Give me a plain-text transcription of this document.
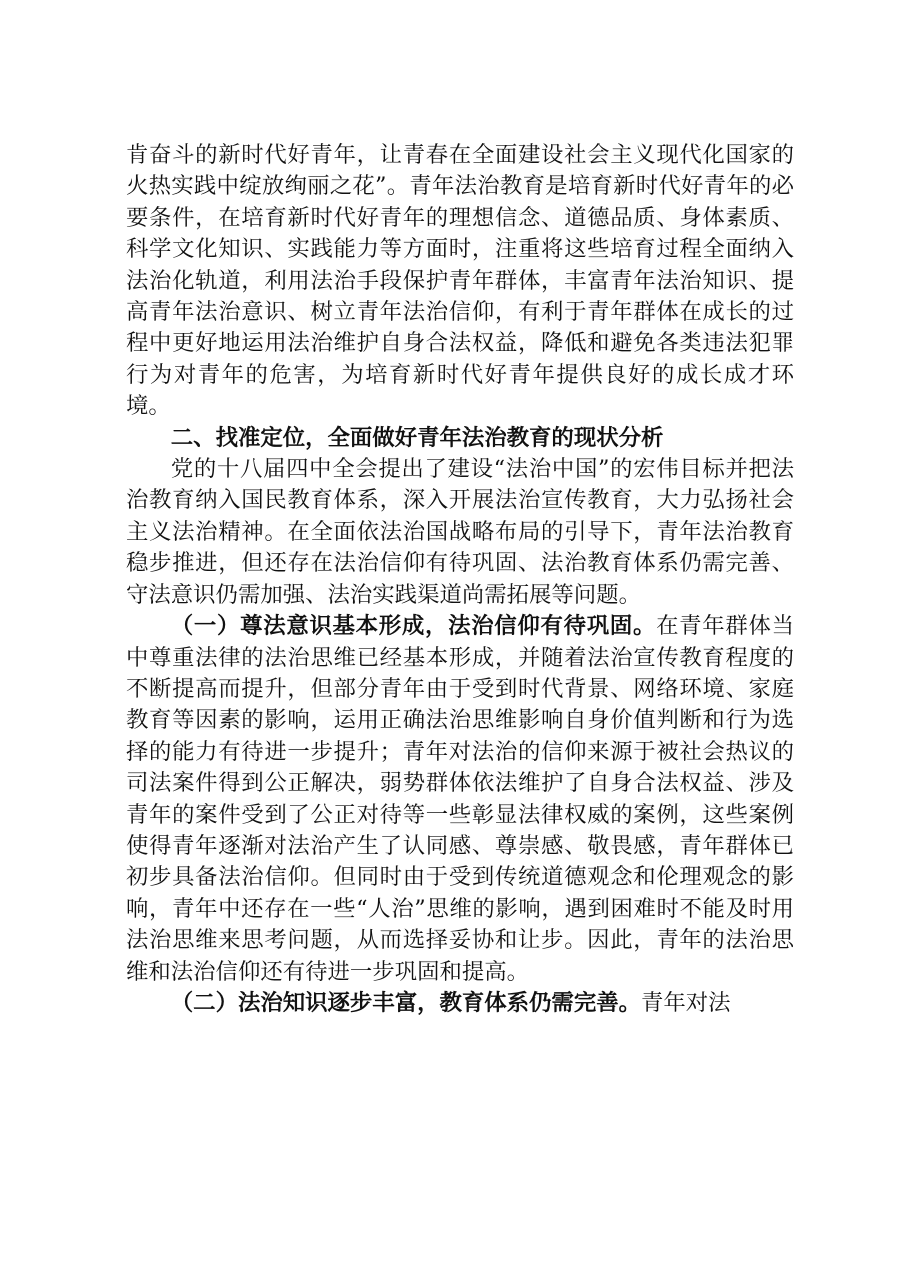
肯奋斗的新时代好青年，让青春在全面建设社会主义现代化国家的火热实践中绽放绚丽之花”。青年法治教育是培育新时代好青年的必要条件，在培育新时代好青年的理想信念、道德品质、身体素质、科学文化知识、实践能力等方面时，注重将这些培育过程全面纳入法治化轨道，利用法治手段保护青年群体，丰富青年法治知识、提高青年法治意识、树立青年法治信仰，有利于青年群体在成长的过程中更好地运用法治维护自身合法权益，降低和避免各类违法犯罪行为对青年的危害，为培育新时代好青年提供良好的成长成才环境。

二、找准定位，全面做好青年法治教育的现状分析

党的十八届四中全会提出了建设“法治中国”的宏伟目标并把法治教育纳入国民教育体系，深入开展法治宣传教育，大力弘扬社会主义法治精神。在全面依法治国战略布局的引导下，青年法治教育稳步推进，但还存在法治信仰有待巩固、法治教育体系仍需完善、守法意识仍需加强、法治实践渠道尚需拓展等问题。

（一）尊法意识基本形成，法治信仰有待巩固。在青年群体当中尊重法律的法治思维已经基本形成，并随着法治宣传教育程度的不断提高而提升，但部分青年由于受到时代背景、网络环境、家庭教育等因素的影响，运用正确法治思维影响自身价值判断和行为选择的能力有待进一步提升；青年对法治的信仰来源于被社会热议的司法案件得到公正解决，弱势群体依法维护了自身合法权益、涉及青年的案件受到了公正对待等一些彰显法律权威的案例，这些案例使得青年逐渐对法治产生了认同感、尊崇感、敬畏感，青年群体已初步具备法治信仰。但同时由于受到传统道德观念和伦理观念的影响，青年中还存在一些“人治”思维的影响，遇到困难时不能及时用法治思维来思考问题，从而选择妥协和让步。因此，青年的法治思维和法治信仰还有待进一步巩固和提高。

（二）法治知识逐步丰富，教育体系仍需完善。青年对法
